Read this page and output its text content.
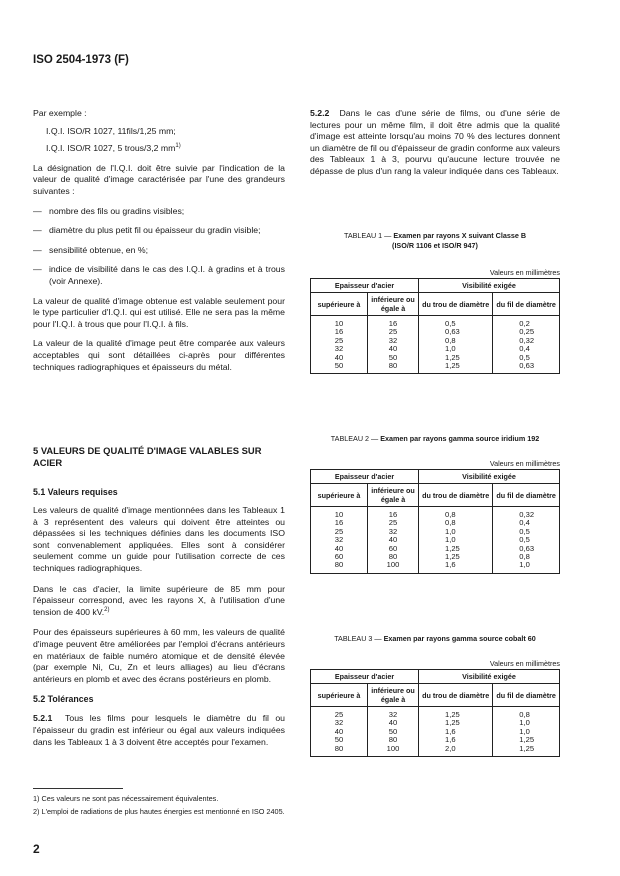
ISO 2504-1973 (F)

Par exemple :

I.Q.I. ISO/R 1027, 11fils/1,25 mm;

I.Q.I. ISO/R 1027, 5 trous/3,2 $mm^{1)}$

La désignation de l'I.Q.I. doit être suivie par l'indication de la valeur de qualité d'image caractérisée par l'une des grandeurs suivantes :

— nombre des fils ou gradins visibles;
— diamètre du plus petit fil ou épaisseur du gradin visible;
— sensibilité obtenue, en %;
— indice de visibilité dans le cas des I.Q.I. à gradins et à trous (voir Annexe).

La valeur de qualité d'image obtenue est valable seulement pour le type particulier d'I.Q.I. qui est utilisé. Elle ne sera pas la même pour l'I.Q.I. à trous que pour l'I.Q.I. à fils.

La valeur de la qualité d'image peut être comparée aux valeurs acceptables qui sont détaillées ci-après pour différentes techniques radiographiques et épaisseurs du métal.

5 VALEURS DE QUALITÉ D'IMAGE VALABLES SUR ACIER
5.1 Valeurs requises

Les valeurs de qualité d'image mentionnées dans les Tableaux 1 à 3 représentent des valeurs qui doivent être atteintes ou dépassées si les techniques définies dans les documents ISO sont convenablement appliquées. Elles sont à considérer seulement comme un guide pour l'utilisation correcte de ces techniques radiographiques.

Dans le cas d'acier, la limite supérieure de 85 mm pour l'épaisseur correspond, avec les rayons X, à l'utilisation d'une tension de 400 kV.$^{2)}$

Pour des épaisseurs supérieures à 60 mm, les valeurs de qualité d'image peuvent être améliorées par l'emploi d'écrans antérieurs en matériaux de faible numéro atomique et de densité élevée (par exemple Ni, Cu, Zn et leurs alliages) au lieu d'écrans antérieurs en plomb et avec des écrans postérieurs en plomb.

5.2 Tolérances

5.2.1 Tous les films pour lesquels le diamètre du fil ou l'épaisseur du gradin est inférieur ou égal aux valeurs indiquées dans les Tableaux 1 à 3 doivent être acceptés pour l'examen.

5.2.2 Dans le cas d'une série de films, ou d'une série de lectures pour un même film, il doit être admis que la qualité d'image est atteinte lorsqu'au moins 70 % des lectures donnent un diamètre de fil ou d'épaisseur de gradin conforme aux valeurs des Tableaux 1 à 3, pourvu qu'aucune lecture trouvée ne dépasse de plus d'un rang la valeur indiquée dans ces Tableaux.

TABLEAU 1 — Examen par rayons X suivant Classe B
(ISO/R 1106 et ISO/R 947)
Valeurs en millimètres
Epaisseur d'acier		Visibilité exigée	
supérieure à	inférieure ou égale à	du trou de diamètre	du fil de diamètre
10	16	0,5	0,2
16	25	0,63	0,25
25	32	0,8	0,32
32	40	1,0	0,4
40	50	1,25	0,5
50	80	1,25	0,63
TABLEAU 2 — Examen par rayons gamma source iridium 192
Valeurs en millimètres
Epaisseur d'acier		Visibilité exigée	
supérieure à	inférieure ou égale à	du trou de diamètre	du fil de diamètre
10	16	0,8	0,32
16	25	0,8	0,4
25	32	1,0	0,5
32	40	1,0	0,5
40	60	1,25	0,63
60	80	1,25	0,8
80	100	1,6	1,0
TABLEAU 3 — Examen par rayons gamma source cobalt 60
Valeurs en millimètres
Epaisseur d'acier		Visibilité exigée	
supérieure à	inférieure ou égale à	du trou de diamètre	du fil de diamètre
25	32	1,25	0,8
32	40	1,25	1,0
40	50	1,6	1,0
50	80	1,6	1,25
80	100	2,0	1,25
1) Ces valeurs ne sont pas nécessairement équivalentes.
2) L'emploi de radiations de plus hautes énergies est mentionné en ISO 2405.
2
